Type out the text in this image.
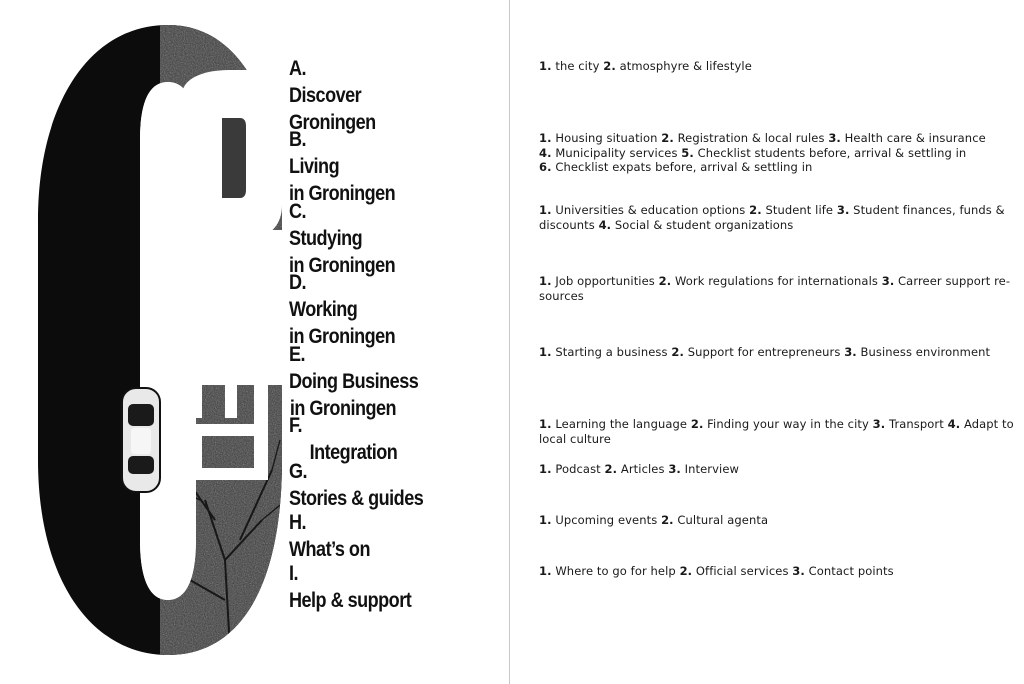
A.
Discover
Groningen
B.
Living
in Groningen
C.
Studying
in Groningen
D.
Working
in Groningen
E.
Doing Business
in Groningen
F.
Integration
G.
Stories & guides
H.
What’s on
I.
Help & support
1. the city 2. atmosphyre & lifestyle
1. Housing situation 2. Registration & local rules 3. Health care & insurance
4. Municipality services 5. Checklist students before, arrival & settling in
6. Checklist expats before, arrival & settling in
1. Universities & education options 2. Student life 3. Student finances, funds &
discounts 4. Social & student organizations
1. Job opportunities 2. Work regulations for internationals 3. Carreer support re-
sources
1. Starting a business 2. Support for entrepreneurs 3. Business environment
1. Learning the language 2. Finding your way in the city 3. Transport 4. Adapt to
local culture
1. Podcast 2. Articles 3. Interview
1. Upcoming events 2. Cultural agenta
1. Where to go for help 2. Official services 3. Contact points
